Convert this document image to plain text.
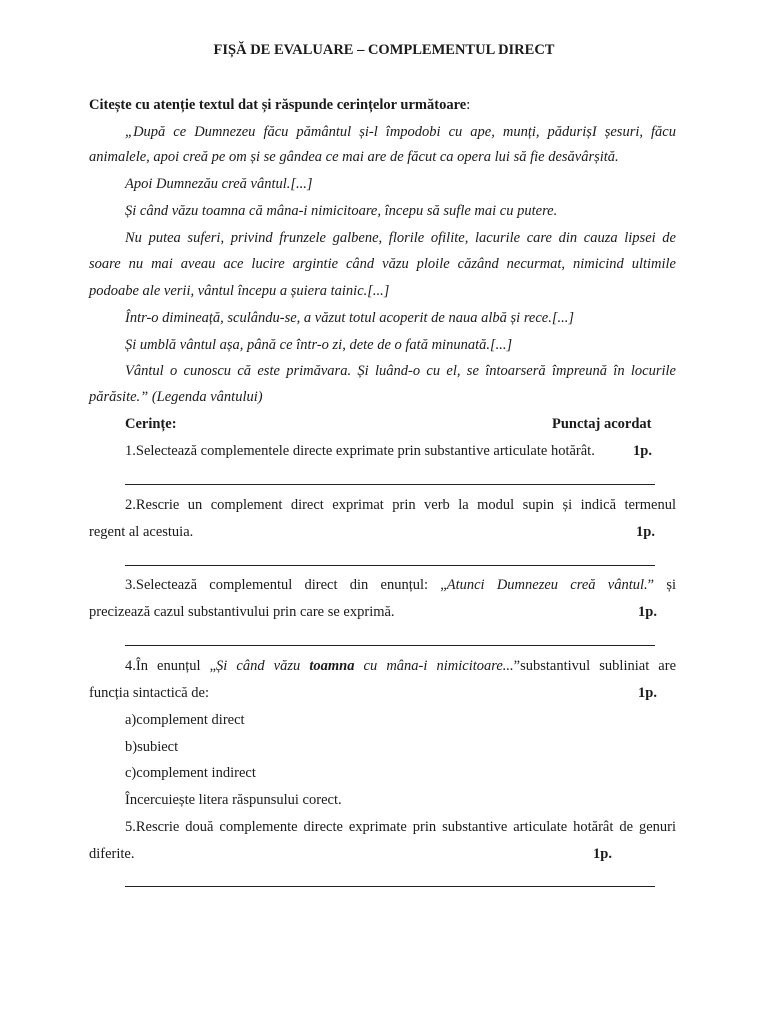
FIȘĂ DE EVALUARE – COMPLEMENTUL DIRECT
Citește cu atenție textul dat și răspunde cerințelor următoare:
„După ce Dumnezeu făcu pământul și-l împodobi cu ape, munți, pădurișI șesuri, făcu
animalele, apoi creă pe om și se gândea ce mai are de făcut ca opera lui să fie desăvârșită.
Apoi Dumnezău creă vântul.[...]
Și când văzu toamna că mâna-i nimicitoare, începu să sufle mai cu putere.
Nu putea suferi, privind frunzele galbene, florile ofilite, lacurile care din cauza lipsei de
soare nu mai aveau ace lucire argintie când văzu ploile căzând necurmat, nimicind ultimile
podoabe ale verii, vântul începu a șuiera tainic.[...]
Într-o dimineață, sculându-se, a văzut totul acoperit de naua albă și rece.[...]
Și umblă vântul așa, până ce într-o zi, dete de o fată minunată.[...]
Vântul o cunoscu că este primăvara. Și luând-o cu el, se întoarseră împreună în locurile
părăsite.” (Legenda vântului)
Cerințe:	Punctaj acordat
1.Selectează complementele directe exprimate prin substantive articulate hotărât.	1p.
2.Rescrie un complement direct exprimat prin verb la modul supin și indică termenul
regent al acestuia.	1p.
3.Selectează complementul direct din enunțul: „Atunci Dumnezeu creă vântul.” și
precizează cazul substantivului prin care se exprimă.	1p.
4.În enunțul „Și când văzu toamna cu mâna-i nimicitoare...”substantivul subliniat are
funcția sintactică de:	1p.
a)complement direct
b)subiect
c)complement indirect
Încercuiește litera răspunsului corect.
5.Rescrie două complemente directe exprimate prin substantive articulate hotărât de genuri
diferite.	1p.
